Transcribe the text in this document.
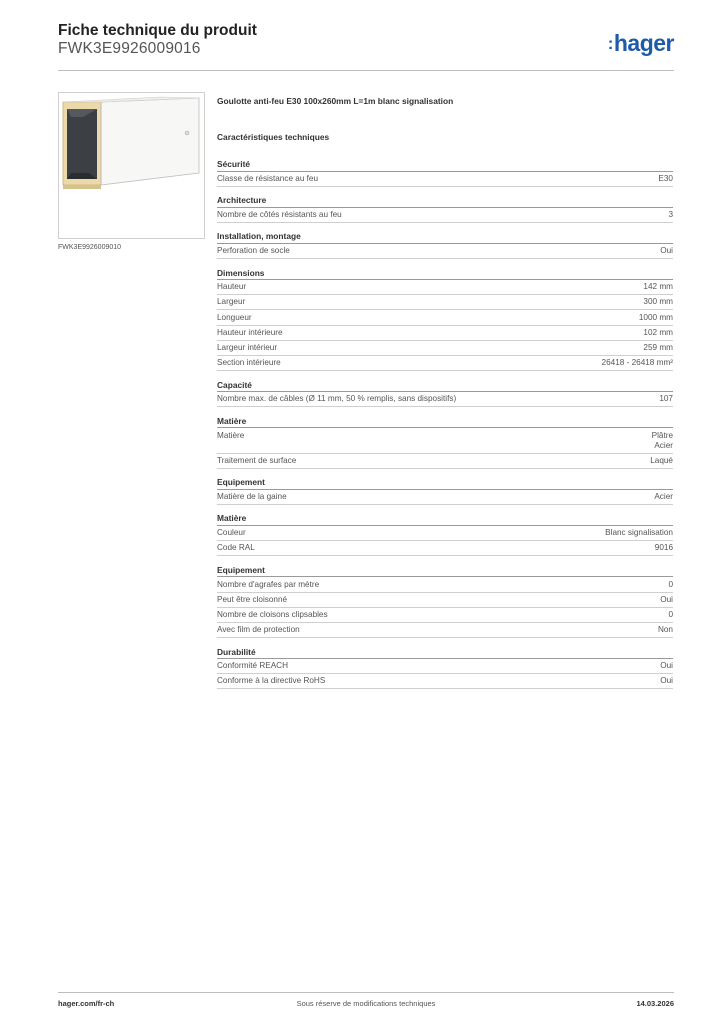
Fiche technique du produit
FWK3E9926009016	:hager
FWK3E9926009010
Goulotte anti-feu E30 100x260mm L=1m blanc signalisation
Caractéristiques techniques
Sécurité
Classe de résistance au feu	E30
Architecture
Nombre de côtés résistants au feu	3
Installation, montage
Perforation de socle	Oui
Dimensions
Hauteur	142 mm
Largeur	300 mm
Longueur	1000 mm
Hauteur intérieure	102 mm
Largeur intérieur	259 mm
Section intérieure	26418 - 26418 mm²
Capacité
Nombre max. de câbles (Ø 11 mm, 50 % remplis, sans dispositifs)	107
Matière
Matière	Plâtre
Acier
Traitement de surface	Laqué
Equipement
Matière de la gaine	Acier
Matière
Couleur	Blanc signalisation
Code RAL	9016
Equipement
Nombre d'agrafes par mètre	0
Peut être cloisonné	Oui
Nombre de cloisons clipsables	0
Avec film de protection	Non
Durabilité
Conformité REACH	Oui
Conforme à la directive RoHS	Oui
hager.com/fr-ch	Sous réserve de modifications techniques	14.03.2026
